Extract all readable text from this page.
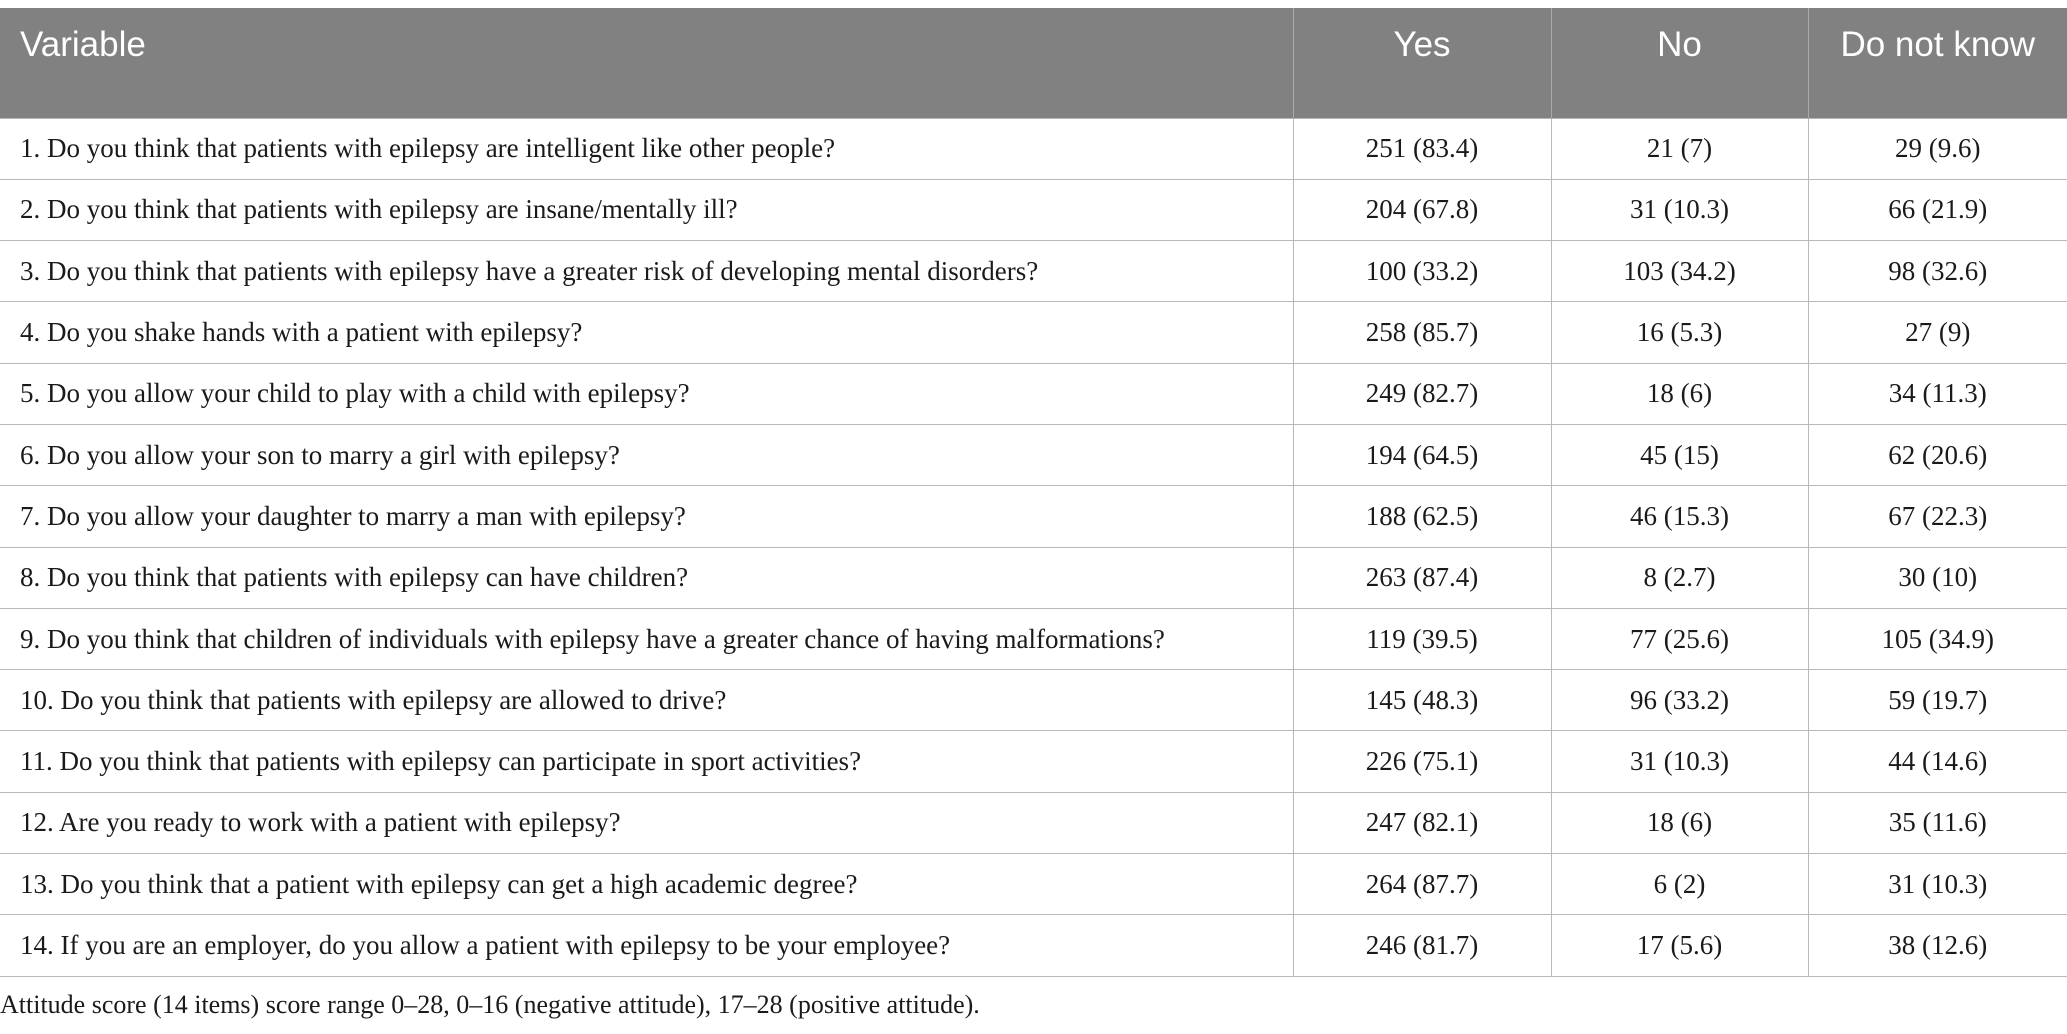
Variable	Yes	No	Do not know
1. Do you think that patients with epilepsy are intelligent like other people?	251 (83.4)	21 (7)	29 (9.6)
2. Do you think that patients with epilepsy are insane/mentally ill?	204 (67.8)	31 (10.3)	66 (21.9)
3. Do you think that patients with epilepsy have a greater risk of developing mental disorders?	100 (33.2)	103 (34.2)	98 (32.6)
4. Do you shake hands with a patient with epilepsy?	258 (85.7)	16 (5.3)	27 (9)
5. Do you allow your child to play with a child with epilepsy?	249 (82.7)	18 (6)	34 (11.3)
6. Do you allow your son to marry a girl with epilepsy?	194 (64.5)	45 (15)	62 (20.6)
7. Do you allow your daughter to marry a man with epilepsy?	188 (62.5)	46 (15.3)	67 (22.3)
8. Do you think that patients with epilepsy can have children?	263 (87.4)	8 (2.7)	30 (10)
9. Do you think that children of individuals with epilepsy have a greater chance of having malformations?	119 (39.5)	77 (25.6)	105 (34.9)
10. Do you think that patients with epilepsy are allowed to drive?	145 (48.3)	96 (33.2)	59 (19.7)
11. Do you think that patients with epilepsy can participate in sport activities?	226 (75.1)	31 (10.3)	44 (14.6)
12. Are you ready to work with a patient with epilepsy?	247 (82.1)	18 (6)	35 (11.6)
13. Do you think that a patient with epilepsy can get a high academic degree?	264 (87.7)	6 (2)	31 (10.3)
14. If you are an employer, do you allow a patient with epilepsy to be your employee?	246 (81.7)	17 (5.6)	38 (12.6)
Attitude score (14 items) score range 0–28, 0–16 (negative attitude), 17–28 (positive attitude).
